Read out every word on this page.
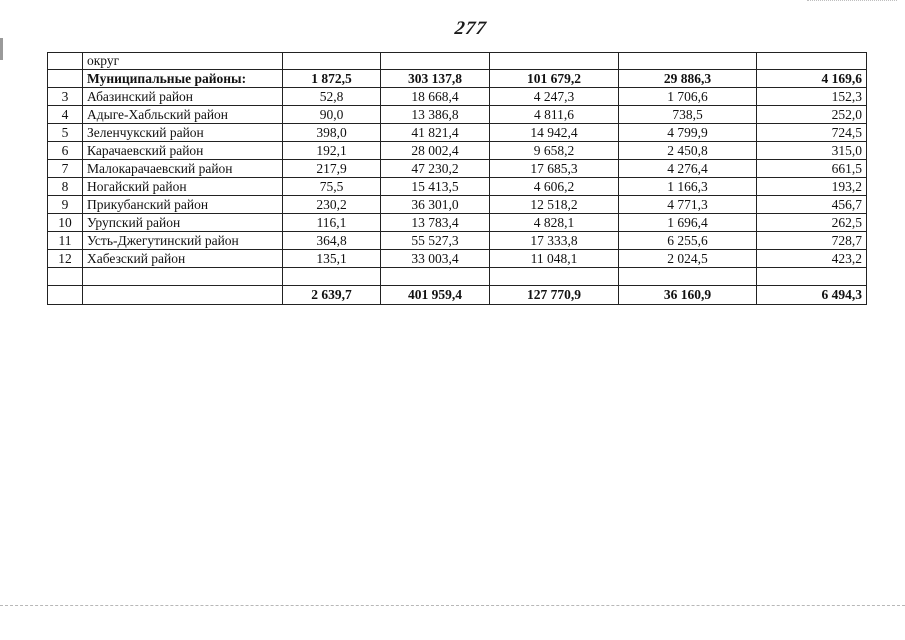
277
	округ					
	Муниципальные районы:	1 872,5	303 137,8	101 679,2	29 886,3	4 169,6
3	Абазинский район	52,8	18 668,4	4 247,3	1 706,6	152,3
4	Адыге-Хабльский район	90,0	13 386,8	4 811,6	738,5	252,0
5	Зеленчукский район	398,0	41 821,4	14 942,4	4 799,9	724,5
6	Карачаевский район	192,1	28 002,4	9 658,2	2 450,8	315,0
7	Малокарачаевский район	217,9	47 230,2	17 685,3	4 276,4	661,5
8	Ногайский район	75,5	15 413,5	4 606,2	1 166,3	193,2
9	Прикубанский район	230,2	36 301,0	12 518,2	4 771,3	456,7
10	Урупский район	116,1	13 783,4	4 828,1	1 696,4	262,5
11	Усть-Джегутинский район	364,8	55 527,3	17 333,8	6 255,6	728,7
12	Хабезский район	135,1	33 003,4	11 048,1	2 024,5	423,2

		2 639,7	401 959,4	127 770,9	36 160,9	6 494,3
